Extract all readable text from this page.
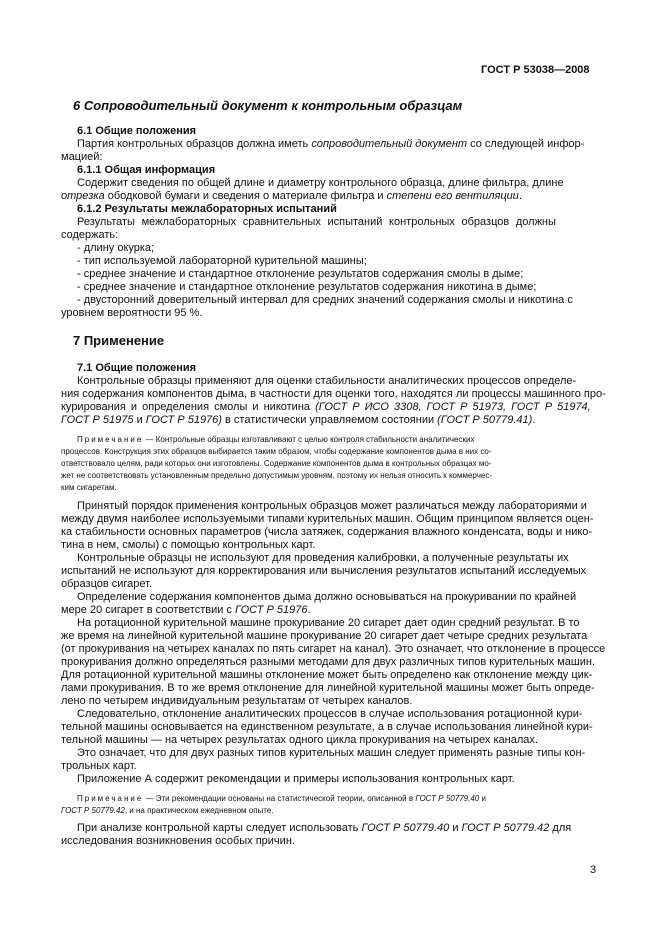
ГОСТ Р 53038—2008
6 Сопроводительный документ к контрольным образцам
6.1 Общие положения
Партия контрольных образцов должна иметь сопроводительный документ со следующей инфор-
мацией:
6.1.1 Общая информация
Содержит сведения по общей длине и диаметру контрольного образца, длине фильтра, длине
отрезка ободковой бумаги и сведения о материале фильтра и степени его вентиляции.
6.1.2 Результаты межлабораторных испытаний
Результаты межлабораторных сравнительных испытаний контрольных образцов должны
содержать:
- длину окурка;
- тип используемой лабораторной курительной машины;
- среднее значение и стандартное отклонение результатов содержания смолы в дыме;
- среднее значение и стандартное отклонение результатов содержания никотина в дыме;
- двусторонний доверительный интервал для средних значений содержания смолы и никотина с
уровнем вероятности 95 %.
7 Применение
7.1 Общие положения
Контрольные образцы применяют для оценки стабильности аналитических процессов определе-
ния содержания компонентов дыма, в частности для оценки того, находятся ли процессы машинного про-
курирования и определения смолы и никотина (ГОСТ Р ИСО 3308, ГОСТ Р 51973, ГОСТ Р 51974,
ГОСТ Р 51975 и ГОСТ Р 51976) в статистически управляемом состоянии (ГОСТ Р 50779.41).
Примечание — Контрольные образцы изготавливают с целью контроля стабильности аналитических
процессов. Конструкция этих образцов выбирается таким образом, чтобы содержание компонентов дыма в них со-
ответствовало целям, ради которых они изготовлены. Содержание компонентов дыма в контрольных образцах мо-
жет не соответствовать установленным предельно допустимым уровням, поэтому их нельзя относить к коммерчес-
ким сигаретам.
Принятый порядок применения контрольных образцов может различаться между лабораториями и
между двумя наиболее используемыми типами курительных машин. Общим принципом является оцен-
ка стабильности основных параметров (числа затяжек, содержания влажного конденсата, воды и нико-
тина в нем, смолы) с помощью контрольных карт.
Контрольные образцы не используют для проведения калибровки, а полученные результаты их
испытаний не используют для корректирования или вычисления результатов испытаний исследуемых
образцов сигарет.
Определение содержания компонентов дыма должно основываться на прокуривании по крайней
мере 20 сигарет в соответствии с ГОСТ Р 51976.
На ротационной курительной машине прокуривание 20 сигарет дает один средний результат. В то
же время на линейной курительной машине прокуривание 20 сигарет дает четыре средних результата
(от прокуривания на четырех каналах по пять сигарет на канал). Это означает, что отклонение в процессе
прокуривания должно определяться разными методами для двух различных типов курительных машин.
Для ротационной курительной машины отклонение может быть определено как отклонение между цик-
лами прокуривания. В то же время отклонение для линейной курительной машины может быть опреде-
лено по четырем индивидуальным результатам от четырех каналов.
Следовательно, отклонение аналитических процессов в случае использования ротационной кури-
тельной машины основывается на единственном результате, а в случае использования линейной кури-
тельной машины — на четырех результатах одного цикла прокуривания на четырех каналах.
Это означает, что для двух разных типов курительных машин следует применять разные типы кон-
трольных карт.
Приложение А содержит рекомендации и примеры использования контрольных карт.
Примечание — Эти рекомендации основаны на статистической теории, описанной в ГОСТ Р 50779.40 и
ГОСТ Р 50779.42, и на практическом ежедневном опыте.
При анализе контрольной карты следует использовать ГОСТ Р 50779.40 и ГОСТ Р 50779.42 для
исследования возникновения особых причин.
3
